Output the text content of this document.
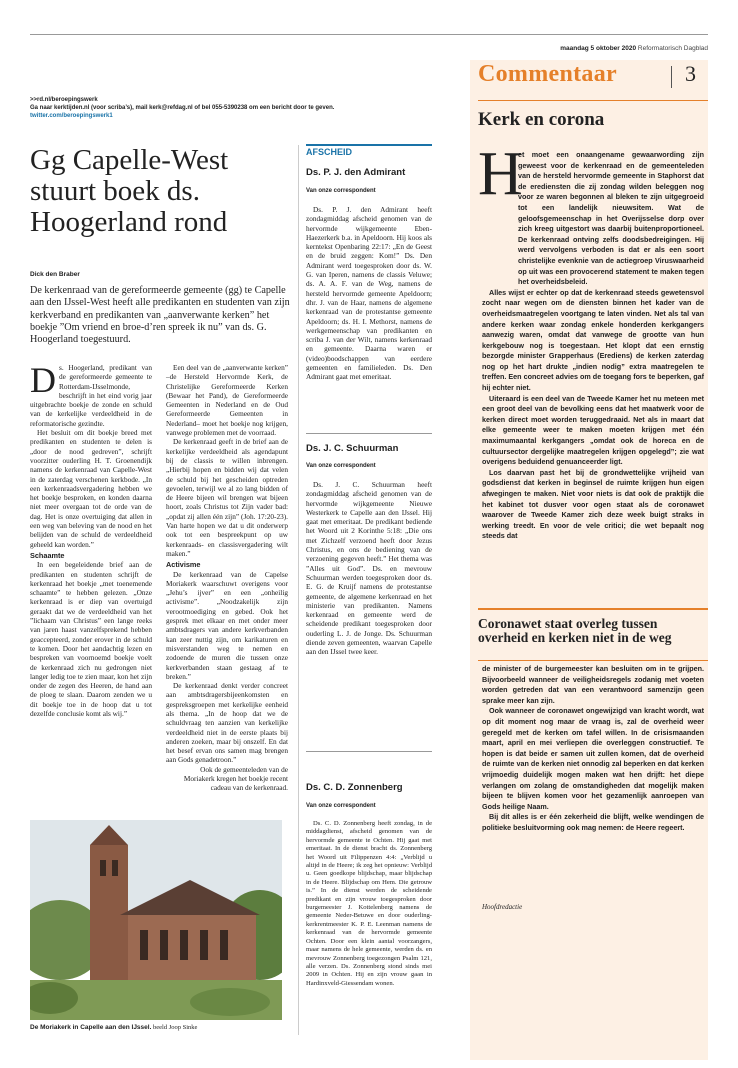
maandag 5 oktober 2020 Reformatorisch Dagblad
Commentaar	3
>>rd.nl/beroepingswerk
Ga naar kerktijden.nl (voor scriba’s), mail kerk@refdag.nl of bel 055-5390238 om een bericht door te geven.
twitter.com/beroepingswerk1
Gg Capelle-West stuurt boek ds. Hoogerland rond
Dick den Braber
De kerkenraad van de gereformeerde gemeente (gg) te Capelle aan den IJssel-West heeft alle predikanten en studenten van zijn kerkverband en predikanten van „aanverwante kerken” het boekje ”Om vriend en broe-d’ren spreek ik nu” van ds. G. Hoogerland toegestuurd.
D s. Hoogerland, predikant van de gereformeerde gemeente te Rotterdam-IJsselmonde, beschrijft in het eind vorig jaar uitgebrachte boekje de zonde en schuld van de kerkelijke verdeeldheid in de reformatorische gezindte.

Het besluit om dit boekje breed met predikanten en studenten te delen is „door de nood gedreven”, schrijft voorzitter ouderling H. T. Groenendijk namens de kerkenraad van Capelle-West in de zaterdag verschenen kerkbode. „In een kerkenraadsvergadering hebben we het boekje besproken, en konden daarna niet meer overgaan tot de orde van de dag. Het is onze overtuiging dat allen in een weg van beleving van de nood en het belijden van de schuld de verdeeldheid geheeld kan worden.”

Schaamte

In een begeleidende brief aan de predikanten en studenten schrijft de kerkenraad het boekje „met toenemende schaamte” te hebben gelezen. „Onze kerkenraad is er diep van overtuigd geraakt dat we de verdeeldheid van het ”lichaam van Christus” een lange reeks van jaren haast vanzelfsprekend hebben geaccepteerd, zonder erover in de schuld te komen. Door het aandachtig lezen en bespreken van voornoemd boekje voelt de kerkenraad zich nu gedrongen niet langer ledig toe te zien maar, kon het zijn onder de zegen des Heeren, de hand aan de ploeg te slaan. Daarom zenden we u dit boekje toe in de hoop dat u tot dezelfde conclusie komt als wij.”

Een deel van de „aanverwante kerken” –de Hersteld Hervormde Kerk, de Christelijke Gereformeerde Kerken (Bewaar het Pand), de Gereformeerde Gemeenten in Nederland en de Oud Gereformeerde Gemeenten in Nederland– moet het boekje nog krijgen, vanwege problemen met de voorraad.

De kerkenraad geeft in de brief aan de kerkelijke verdeeldheid als agendapunt bij de classis te willen inbrengen. „Hierbij hopen en bidden wij dat velen de schuld bij het gescheiden optreden gevoelen, terwijl we al zo lang bidden of de Heere bijeen wil brengen wat bijeen hoort, zoals Christus tot Zijn vader bad: „opdat zij allen één zijn” (Joh. 17:20-23). Van harte hopen we dat u dit onderwerp ook tot een bespreekpunt op uw kerkenraads- en classisvergadering wilt maken.”

Activisme

De kerkenraad van de Capelse Moriakerk waarschuwt overigens voor „Jehu’s ijver” en een „onheilig activisme”. „Noodzakelijk zijn verootmoediging en gebed. Ook het gesprek met elkaar en met onder meer ambtsdragers van andere kerkverbanden kan zeer nuttig zijn, om karikaturen en misverstanden weg te nemen en zodoende de muren die tussen onze kerkverbanden staan gestaag af te breken.”

De kerkenraad denkt verder concreet aan ambtsdragersbijeenkomsten en gespreksgroepen met kerkelijke eenheid als thema. „In de hoop dat we de schuldvraag ten aanzien van kerkelijke verdeeldheid niet in de eerste plaats bij anderen zoeken, maar bij onszelf. En dat het besef ervan ons samen mag brengen aan Gods genadetroon.”

Ook de gemeenteleden van de Moriakerk kregen het boekje recent cadeau van de kerkenraad.

De Moriakerk in Capelle aan den IJssel. beeld Joop Sinke
AFSCHEID
Ds. P. J. den Admirant
Van onze correspondent

Ds. P. J. den Admirant heeft zondagmiddag afscheid genomen van de hervormde wijkgemeente Eben-Haezerkerk b.a. in Apeldoorn. Hij koos als kerntekst Openbaring 22:17: „En de Geest en de bruid zeggen: Kom!” Ds. Den Admirant werd toegesproken door ds. W. G. van Iperen, namens de classis Veluwe; ds. A. A. F. van de Weg, namens de hersteld hervormde gemeente Apeldoorn; dhr. J. van de Haar, namens de algemene kerkenraad van de protestantse gemeente Apeldoorn; ds. H. I. Methorst, namens de werkgemeenschap van predikanten en scriba J. van der Wilt, namens kerkenraad en gemeente. Daarna waren er (video)boodschappen van eerdere gemeenten en familieleden. Ds. Den Admirant gaat met emeritaat.

Ds. J. C. Schuurman
Van onze correspondent

Ds. J. C. Schuurman heeft zondagmiddag afscheid genomen van de hervormde wijkgemeente Nieuwe Westerkerk te Capelle aan den IJssel. Hij gaat met emeritaat. De predikant bediende het Woord uit 2 Korinthe 5:18: „Die ons met Zichzelf verzoend heeft door Jezus Christus, en ons de bediening van de verzoening gegeven heeft.” Het thema was ”Alles uit God”. Ds. en mevrouw Schuurman werden toegesproken door ds. E. G. de Kruijf namens de protestantse gemeente, de algemene kerkenraad en het ministerie van predikanten. Namens kerkenraad en gemeente werd de scheidende predikant toegesproken door ouderling L. J. de Jonge. Ds. Schuurman diende zeven gemeenten, waarvan Capelle aan den IJssel twee keer.

Ds. C. D. Zonnenberg
Van onze correspondent

Ds. C. D. Zonnenberg heeft zondag, in de middagdienst, afscheid genomen van de hervormde gemeente te Ochten. Hij gaat met emeritaat. In de dienst bracht ds. Zonnenberg het Woord uit Filippenzen 4:4: „Verblijd u altijd in de Heere; ik zeg het opnieuw: Verblijd u. Geen goedkope blijdschap, maar blijdschap in de Heere. Blijdschap om Hem. Die getrouw is.” In de dienst werden de scheidende predikant en zijn vrouw toegesproken door burgemeester J. Kottelenberg namens de gemeente Neder-Betuwe en door ouderling-kerkrentmeester K. P. E. Leenman namens de kerkenraad van de hervormde gemeente Ochten. Door een klein aantal voorzangers, maar namens de hele gemeente, werden ds. en mevrouw Zonnenberg toegezongen Psalm 121, alle verzen. Ds. Zonnenberg stond sinds mei 2009 in Ochten. Hij en zijn vrouw gaan in Hardinxveld-Giessendam wonen.

Kerk en corona
H

et moet een onaangename gewaarwording zijn geweest voor de kerkenraad en de gemeenteleden van de hersteld hervormde gemeente in Staphorst dat de erediensten die zij zondag wilden beleggen nog voor ze waren begonnen al bleken te zijn uitgegroeid tot een landelijk nieuwsitem. Wat de geloofsgemeenschap in het Overijsselse dorp over zich kreeg uitgestort was daarbij buitenproportioneel. De kerkenraad ontving zelfs doodsbedreigingen. Hij werd vervolgens verboden is dat er als een soort christelijke evenknie van de actiegroep Viruswaarheid op uit was een provocerend statement te maken tegen het overheidsbeleid.

Alles wijst er echter op dat de kerkenraad steeds gewetensvol zocht naar wegen om de diensten binnen het kader van de overheidsmaatregelen voortgang te laten vinden. Net als tal van andere kerken waar zondag enkele honderden kerkgangers aanwezig waren, omdat dat vanwege de grootte van hun kerkgebouw nog is toegestaan. Het klopt dat een ernstig bezorgde minister Grapperhaus (Erediens) de kerken zaterdag nog op het hart drukte „indien nodig” extra maatregelen te treffen. Een concreet advies om de toegang fors te beperken, gaf hij echter niet.

Uiteraard is een deel van de Tweede Kamer het nu meteen met een groot deel van de bevolking eens dat het maatwerk voor de kerken direct moet worden teruggedraaid. Net als in maart dat elke gemeente weer te maken moeten krijgen met één maximumaantal kerkgangers „omdat ook de horeca en de cultuursector dergelijke maatregelen krijgen opgelegd”; zie wat overigens beduidend genuanceerder ligt.

Los daarvan past het bij de grondwettelijke vrijheid van godsdienst dat kerken in beginsel de ruimte krijgen hun eigen afwegingen te maken. Niet voor niets is dat ook de praktijk die het kabinet tot dusver voor ogen staat als de coronawet waarover de Tweede Kamer zich deze week buigt straks in werking treedt. En voor de vele critici; die wet bepaalt nog steeds dat

Coronawet staat overleg tussen overheid en kerken niet in de weg

de minister of de burgemeester kan besluiten om in te grijpen. Bijvoorbeeld wanneer de veiligheidsregels zodanig met voeten worden getreden dat van een verantwoord samenzijn geen sprake meer kan zijn.

Ook wanneer de coronawet ongewijzigd van kracht wordt, wat op dit moment nog maar de vraag is, zal de overheid weer geregeld met de kerken om tafel willen. In de crisismaanden maart, april en mei verliepen die overleggen constructief. Te hopen is dat beide er samen uit zullen komen, dat de overheid de ruimte van de kerken niet onnodig zal beperken en dat kerken vrijmoedig duidelijk mogen maken wat hen drijft: het diepe verlangen om zolang de omstandigheden dat mogelijk maken bijeen te blijven komen voor het gezamenlijk aanroepen van Gods heilige Naam.

Bij dit alles is er één zekerheid die blijft, welke wendingen de politieke besluitvorming ook mag nemen: de Heere regeert.

Hoofdredactie
